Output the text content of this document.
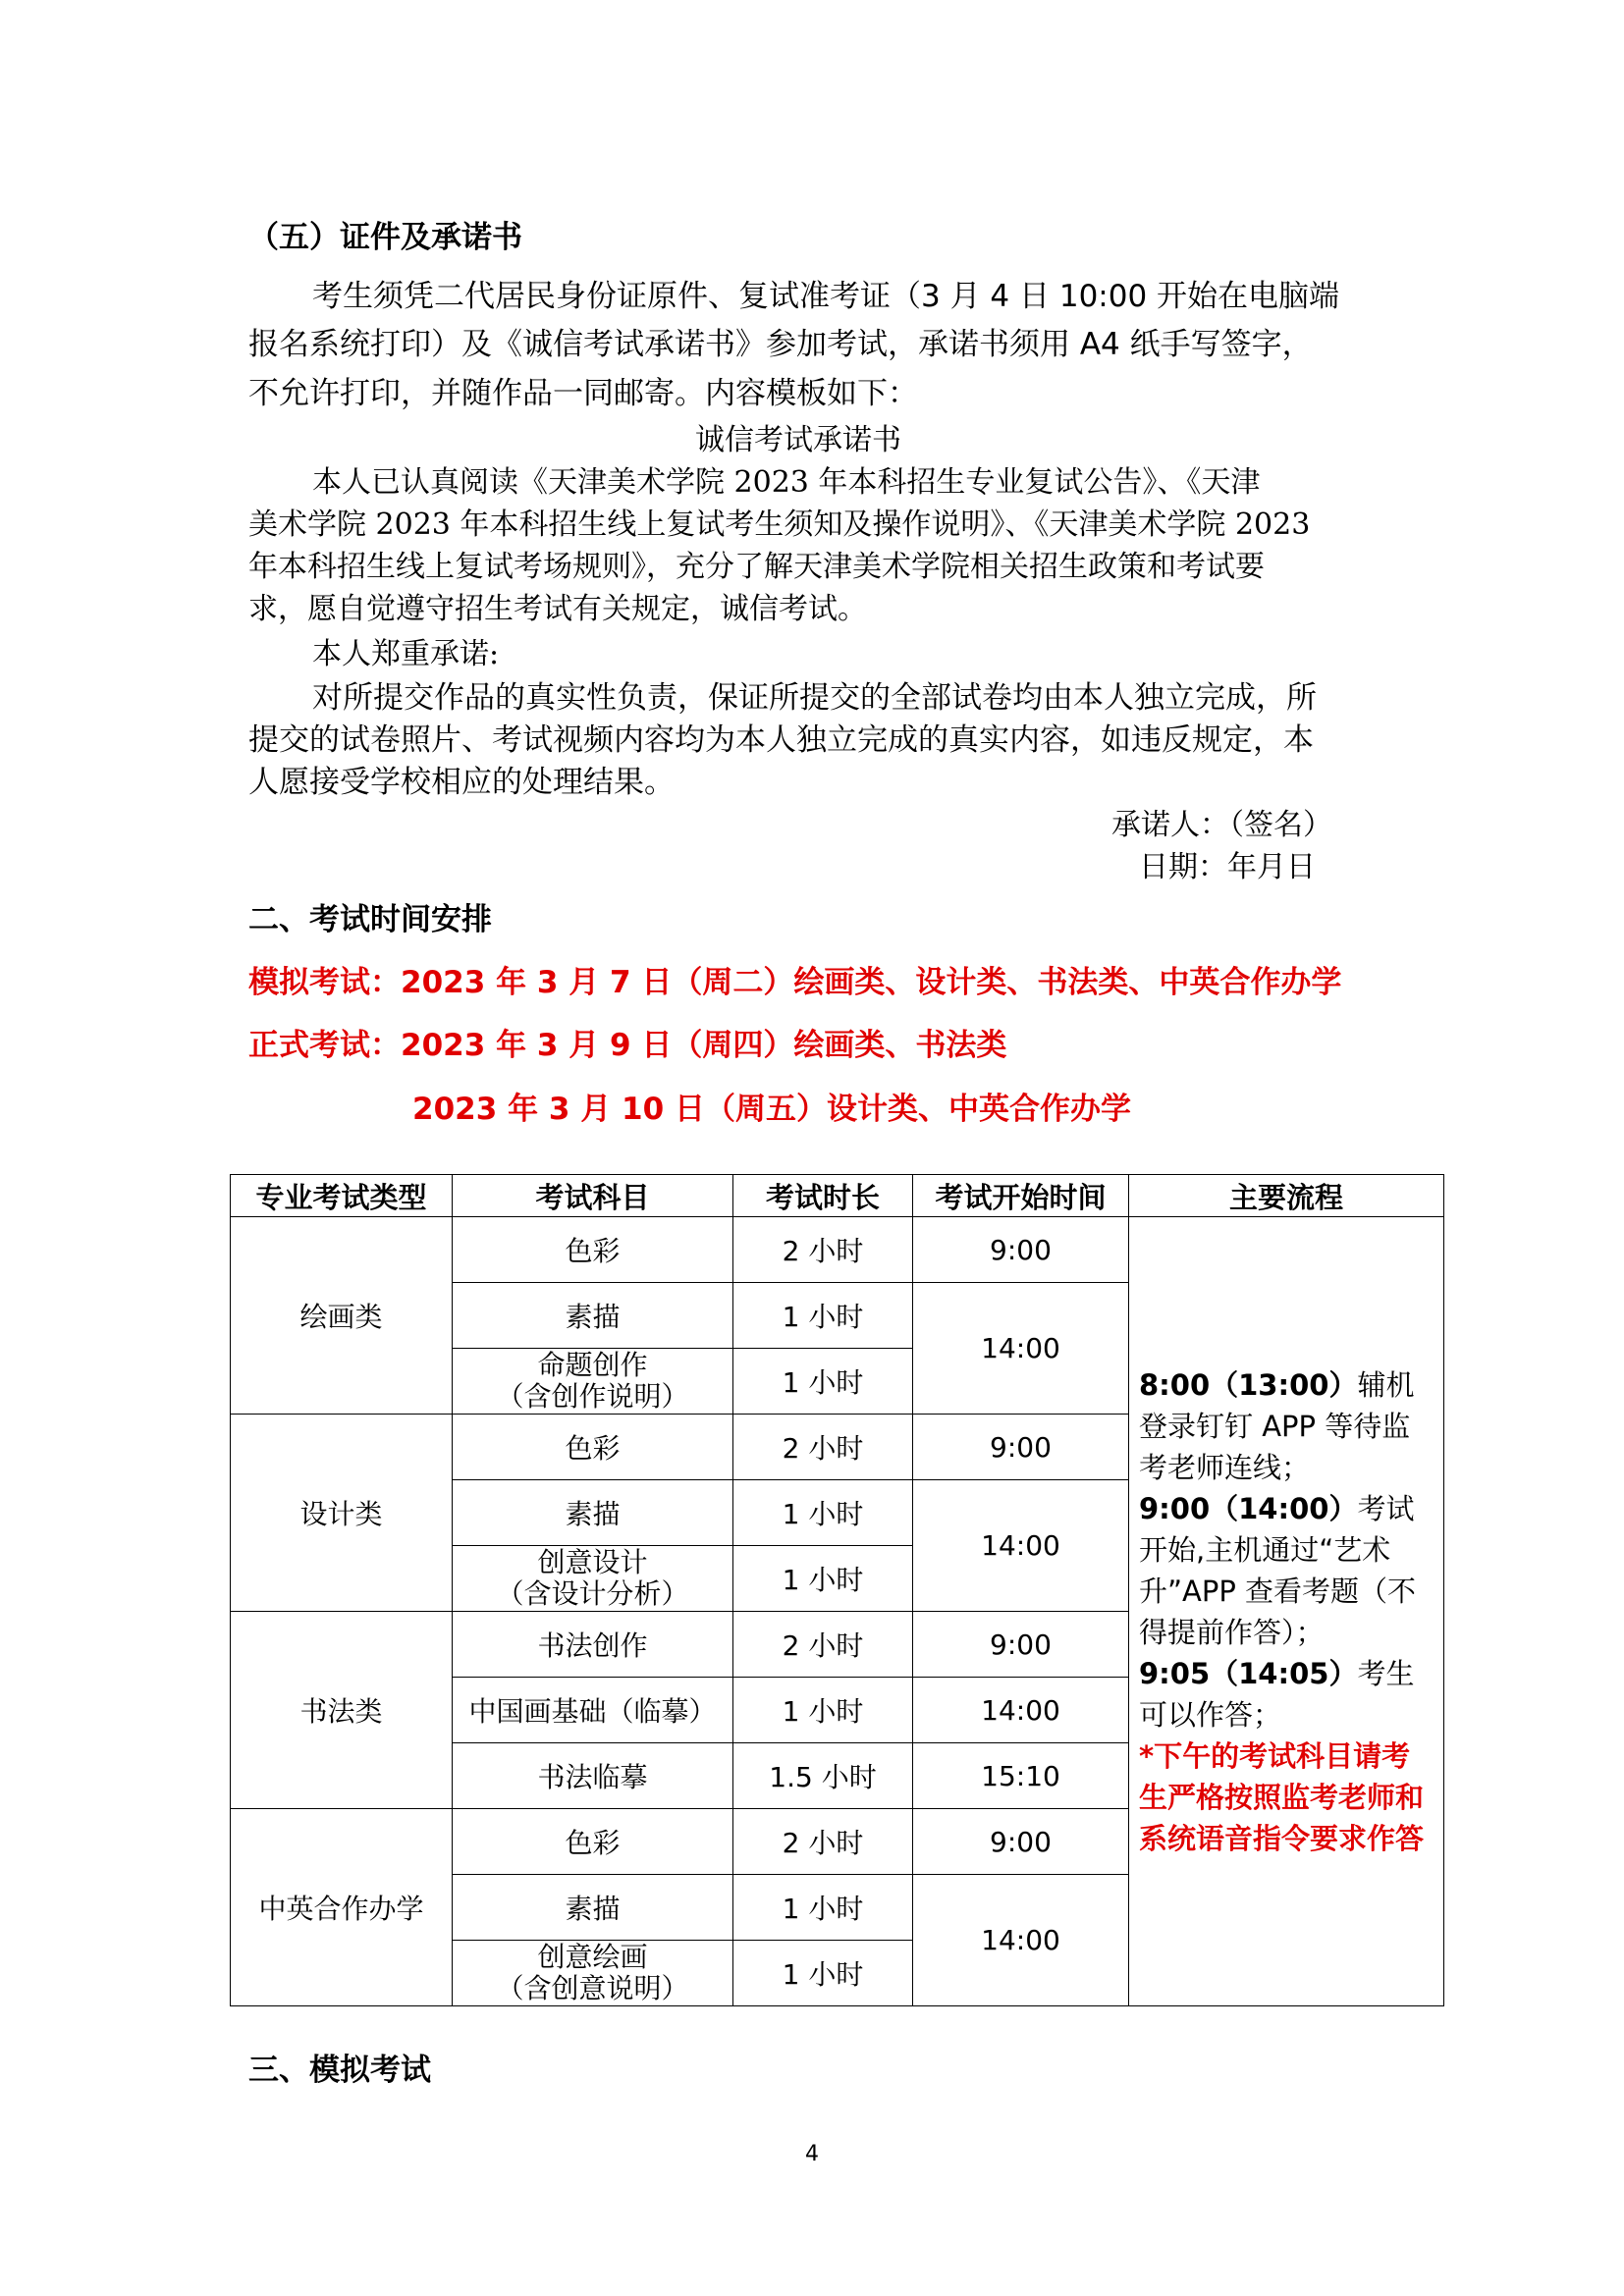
（五）证件及承诺书
考生须凭二代居民身份证原件、复试准考证（3 月 4 日 10:00 开始在电脑端
报名系统打印）及《诚信考试承诺书》参加考试，承诺书须用 A4 纸手写签字，
不允许打印，并随作品一同邮寄。内容模板如下：
诚信考试承诺书
本人已认真阅读《天津美术学院 2023 年本科招生专业复试公告》、《天津
美术学院 2023 年本科招生线上复试考生须知及操作说明》、《天津美术学院 2023
年本科招生线上复试考场规则》，充分了解天津美术学院相关招生政策和考试要
求，愿自觉遵守招生考试有关规定，诚信考试。
本人郑重承诺:
对所提交作品的真实性负责，保证所提交的全部试卷均由本人独立完成，所
提交的试卷照片、考试视频内容均为本人独立完成的真实内容，如违反规定，本
人愿接受学校相应的处理结果。
承诺人：（签名）
日期：年月日
二、考试时间安排
模拟考试：2023 年 3 月 7 日（周二）绘画类、设计类、书法类、中英合作办学
正式考试：2023 年 3 月 9 日（周四）绘画类、书法类
2023 年 3 月 10 日（周五）设计类、中英合作办学
专业考试类型	考试科目	考试时长	考试开始时间	主要流程
绘画类	色彩	2 小时	9:00	8:00（13:00）辅机登录钉钉 APP 等待监考老师连线；
9:00（14:00）考试开始,主机通过“艺术升”APP 查看考题（不得提前作答）；
9:05（14:05）考生可以作答；
*下午的考试科目请考生严格按照监考老师和系统语音指令要求作答

	素描	1 小时	14:00	

	命题创作
（含创作说明）	1 小时		
设计类	色彩	2 小时	9:00	
	素描	1 小时	14:00	

	创意设计
（含设计分析）	1 小时		
书法类	书法创作	2 小时	9:00	
	中国画基础（临摹）	1 小时	14:00	
	书法临摹	1.5 小时	15:10	
中英合作办学	色彩	2 小时	9:00	
	素描	1 小时	14:00	

	创意绘画
（含创意说明）	1 小时		
三、模拟考试
4
